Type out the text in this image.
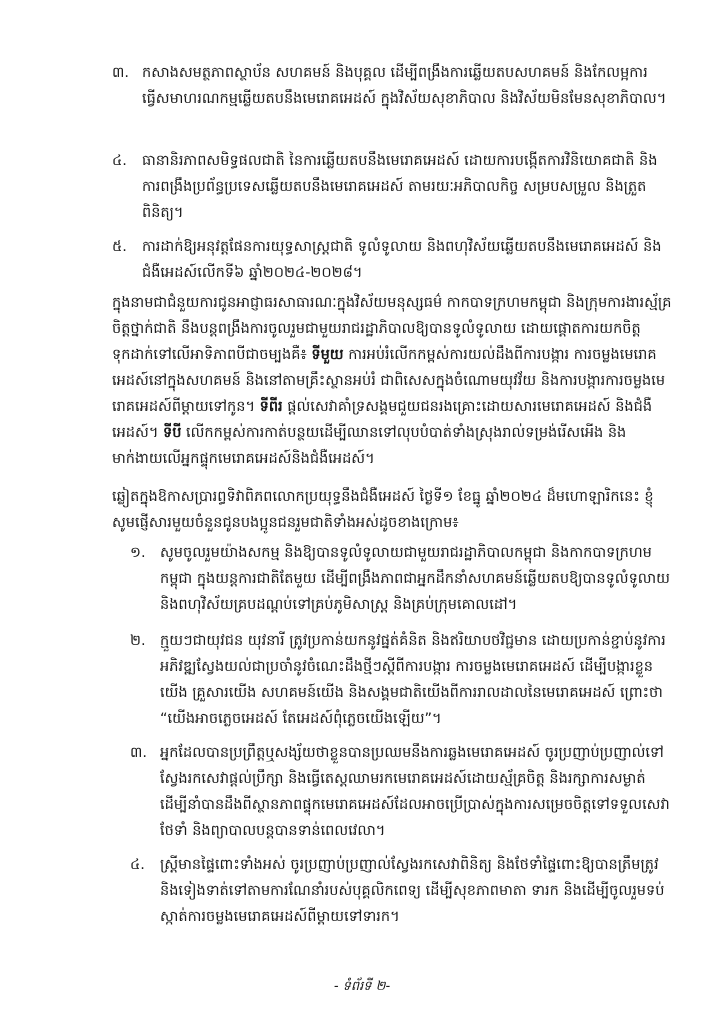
៣. កសាងសមត្ថភាពស្ថាប័ន សហគមន៍ និងបុគ្គល ដើម្បីពង្រឹងការឆ្លើយតបសហគមន៍ និងកែលម្អការធ្វើសមាហរណកម្មឆ្លើយតបនឹងមេរោគអេដស៍ ក្នុងវិស័យសុខាភិបាល និងវិស័យមិនមែនសុខាភិបាល។
៤.	ធានានិរភាពសមិទ្ធផលជាតិ នៃការឆ្លើយតបនឹងមេរោគអេដស៍ ដោយការបង្កើតការវិនិយោគជាតិ និងការពង្រឹងប្រព័ន្ធប្រទេសឆ្លើយតបនឹងមេរោគអេដស៍ តាមរយៈអភិបាលកិច្ច សម្របសម្រួល និងត្រួតពិនិត្យ។
៥.	ការដាក់ឱ្យអនុវត្តផែនការយុទ្ធសាស្ត្រជាតិ ទូលំទូលាយ និងពហុវិស័យឆ្លើយតបនឹងមេរោគអេដស៍ និងជំងឺអេដស៍លើកទី៦ ឆ្នាំ២០២៤-២០២៨។
ក្នុងនាមជាជំនួយការជូនអាជ្ញាធរសាធារណៈក្នុងវិស័យមនុស្សធម៌ កាកបាទក្រហមកម្ពុជា និងក្រុមការងារស្ម័គ្រចិត្តថ្នាក់ជាតិ នឹងបន្តពង្រឹងការចូលរួមជាមួយរាជរដ្ឋាភិបាលឱ្យបានទូលំទូលាយ ដោយផ្តោតការយកចិត្តទុកដាក់ទៅលើអាទិភាពបីជាចម្បងគឺ៖ ទីមួយ ការអប់រំលើកកម្ពស់ការយល់ដឹងពីការបង្ការ ការចម្លងមេរោគអេដស៍នៅក្នុងសហគមន៍ និងនៅតាមគ្រឹះស្ថានអប់រំ ជាពិសេសក្នុងចំណោមយុវវ័យ និងការបង្ការការចម្លងមេរោគអេដស៍ពីម្តាយទៅកូន។ ទីពីរ ផ្តល់សេវាគាំទ្រសង្គមជួយជនរងគ្រោះដោយសារមេរោគអេដស៍ និងជំងឺអេដស៍។ ទីបី លើកកម្ពស់ការកាត់បន្ថយដើម្បីឈានទៅលុបបំបាត់ទាំងស្រុងរាល់ទម្រង់រើសអើង និងមាក់ងាយលើអ្នកផ្ទុកមេរោគអេដស៍និងជំងឺអេដស៍។
ឆ្លៀតក្នុងឱកាសប្រារព្ធទិវាពិភពលោកប្រយុទ្ធនឹងជំងឺអេដស៍ ថ្ងៃទី១ ខែធ្នូ ឆ្នាំ២០២៤ ដ៏មហោឡារិកនេះ ខ្ញុំសូមផ្ញើសារមួយចំនួនជូនបងប្អូនជនរួមជាតិទាំងអស់ដូចខាងក្រោម៖
១. សូមចូលរួមយ៉ាងសកម្ម និងឱ្យបានទូលំទូលាយជាមួយរាជរដ្ឋាភិបាលកម្ពុជា និងកាកបាទក្រហមកម្ពុជា ក្នុងយន្តការជាតិតែមួយ ដើម្បីពង្រឹងភាពជាអ្នកដឹកនាំសហគមន៍ឆ្លើយតបឱ្យបានទូលំទូលាយ និងពហុវិស័យគ្របដណ្តប់ទៅគ្រប់ភូមិសាស្ត្រ និងគ្រប់ក្រុមគោលដៅ។
២. ក្មួយៗជាយុវជន យុវនារី ត្រូវប្រកាន់យកនូវផ្នត់គំនិត និងឥរិយាបថវិជ្ជមាន ដោយប្រកាន់ខ្ជាប់នូវការអភិវឌ្ឍស្វែងយល់ជាប្រចាំនូវចំណេះដឹងថ្មីៗស្តីពីការបង្ការ ការចម្លងមេរោគអេដស៍ ដើម្បីបង្ការខ្លួនយើង គ្រួសារយើង សហគមន៍យើង និងសង្គមជាតិយើងពីការរាលដាលនៃមេរោគអេដស៍ ព្រោះថា “យើងអាចភ្លេចអេដស៍ តែអេដស៍ពុំភ្លេចយើងឡើយ”។
៣. អ្នកដែលបានប្រព្រឹត្តឬសង្ស័យថាខ្លួនបានប្រឈមនឹងការឆ្លងមេរោគអេដស៍ ចូរប្រញាប់ប្រញាល់ទៅស្វែងរកសេវាផ្តល់ប្រឹក្សា និងធ្វើតេស្តឈាមរកមេរោគអេដស៍ដោយស្ម័គ្រចិត្ត និងរក្សាការសម្ងាត់ដើម្បីនាំបានដឹងពីស្ថានភាពផ្ទុកមេរោគអេដស៍ដែលអាចប្រើប្រាស់ក្នុងការសម្រេចចិត្តទៅទទួលសេវាថែទាំ និងព្យាបាលបន្តបានទាន់ពេលវេលា។
៤.	ស្ត្រីមានផ្ទៃពោះទាំងអស់ ចូរប្រញាប់ប្រញាល់ស្វែងរកសេវាពិនិត្យ និងថែទាំផ្ទៃពោះឱ្យបានត្រឹមត្រូវ និងទៀងទាត់ទៅតាមការណែនាំរបស់បុគ្គលិកពេទ្យ ដើម្បីសុខភាពមាតា ទារក និងដើម្បីចូលរួមទប់ស្កាត់ការចម្លងមេរោគអេដស៍ពីម្តាយទៅទារក។
- ទំព័រទី ២-
